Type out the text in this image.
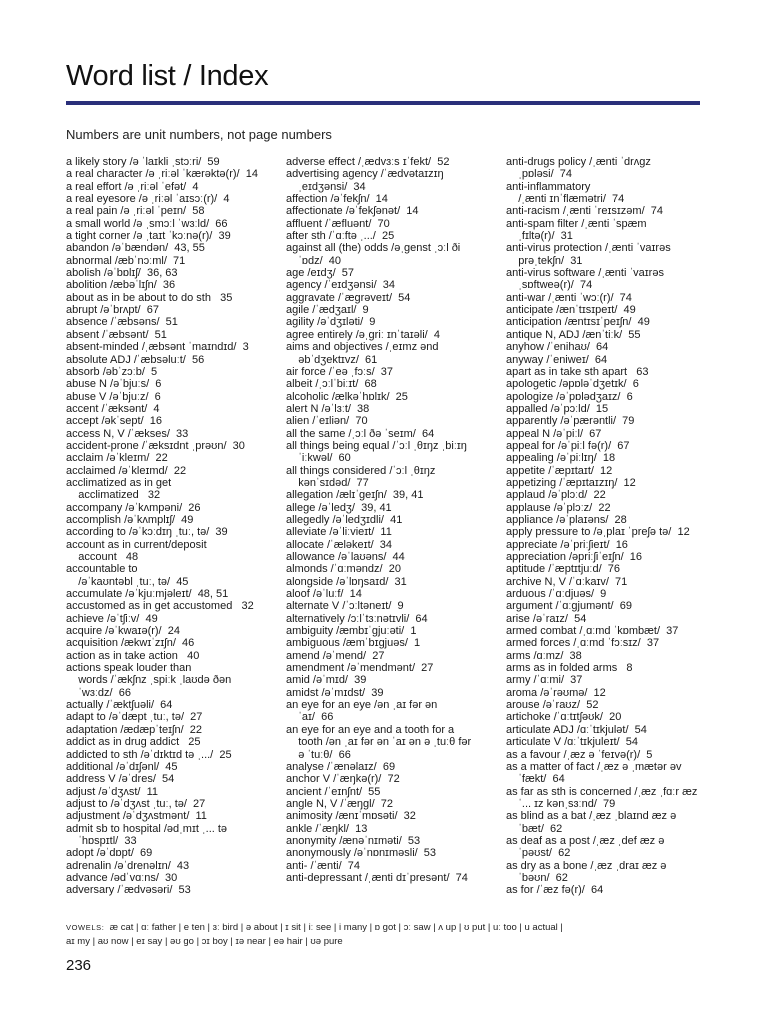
Word list / Index
Numbers are unit numbers, not page numbers
a likely story /ə ˈlaɪkli ˌstɔːri/  59
a real character /ə ˌriːəl ˈkærəktə(r)/  14
a real effort /ə ˌriːəl ˈefət/  4
a real eyesore /ə ˌriːəl ˈaɪsɔː(r)/  4
a real pain /ə ˌriːəl ˈpeɪn/  58
a small world /ə ˌsmɔːl ˈwɜːld/  66
a tight corner /ə ˌtaɪt ˈkɔːnə(r)/  39
abandon /əˈbændən/  43, 55
abnormal /æbˈnɔːml/  71
abolish /əˈbɒlɪʃ/  36, 63
abolition /æbəˈlɪʃn/  36
about as in be about to do sth   35
abrupt /əˈbrʌpt/  67
absence /ˈæbsəns/  51
absent /ˈæbsənt/  51
absent-minded /ˌæbsənt ˈmaɪndɪd/  3
absolute ADJ /ˈæbsəluːt/  56
absorb /əbˈzɔːb/  5
abuse N /əˈbjuːs/  6
abuse V /əˈbjuːz/  6
accent /ˈæksənt/  4
accept /əkˈsept/  16
access N, V /ˈækses/  33
accident-prone /ˈæksɪdnt ˌprəʊn/  30
acclaim /əˈkleɪm/  22
acclaimed /əˈkleɪmd/  22
acclimatized as in get
acclimatized   32
accompany /əˈkʌmpəni/  26
accomplish /əˈkʌmplɪʃ/  49
according to /əˈkɔːdɪŋ ˌtuː, tə/  39
account as in current/deposit
account   48
accountable to
/əˈkaʊntəbl ˌtuː, tə/  45
accumulate /əˈkjuːmjəleɪt/  48, 51
accustomed as in get accustomed   32
achieve /əˈtʃiːv/  49
acquire /əˈkwaɪə(r)/  24
acquisition /ækwɪˈzɪʃn/  46
action as in take action   40
actions speak louder than
words /ˈækʃnz ˌspiːk ˌlaʊdə ðən
ˈwɜːdz/  66
actually /ˈæktʃuəli/  64
adapt to /əˈdæpt ˌtuː, tə/  27
adaptation /ædæpˈteɪʃn/  22
addict as in drug addict   25
addicted to sth /əˈdɪktɪd tə ˌ.../  25
additional /əˈdɪʃənl/  45
address V /əˈdres/  54
adjust /əˈdʒʌst/  11
adjust to /əˈdʒʌst ˌtuː, tə/  27
adjustment /əˈdʒʌstmənt/  11
admit sb to hospital /ədˌmɪt ˌ... tə
ˈhɒspɪtl/  33
adopt /əˈdɒpt/  69
adrenalin /əˈdrenəlɪn/  43
advance /ədˈvɑːns/  30
adversary /ˈædvəsəri/  53
adverse effect /ˌædvɜːs ɪˈfekt/  52
advertising agency /ˈædvətaɪzɪŋ
ˌeɪdʒənsi/  34
affection /əˈfekʃn/  14
affectionate /əˈfekʃənət/  14
affluent /ˈæfluənt/  70
after sth /ˈɑːftə ˌ.../  25
against all (the) odds /əˌgenst ˌɔːl ði
ˈɒdz/  40
age /eɪdʒ/  57
agency /ˈeɪdʒənsi/  34
aggravate /ˈægrəveɪt/  54
agile /ˈædʒaɪl/  9
agility /əˈdʒɪləti/  9
agree entirely /əˌgriː ɪnˈtaɪəli/  4
aims and objectives /ˌeɪmz ənd
əbˈdʒektɪvz/  61
air force /ˈeə ˌfɔːs/  37
albeit /ˌɔːlˈbiːɪt/  68
alcoholic /ælkəˈhɒlɪk/  25
alert N /əˈlɜːt/  38
alien /ˈeɪliən/  70
all the same /ˌɔːl ðə ˈseɪm/  64
all things being equal /ˈɔːl ˌθɪŋz ˌbiːɪŋ
ˈiːkwəl/  60
all things considered /ˈɔːl ˌθɪŋz
kənˈsɪdəd/  77
allegation /ælɪˈgeɪʃn/  39, 41
allege /əˈledʒ/  39, 41
allegedly /əˈledʒɪdli/  41
alleviate /əˈliːvieɪt/  11
allocate /ˈæləkeɪt/  34
allowance /əˈlaʊəns/  44
almonds /ˈɑːməndz/  20
alongside /əˈlɒŋsaɪd/  31
aloof /əˈluːf/  14
alternate V /ˈɔːltəneɪt/  9
alternatively /ɔːlˈtɜːnətɪvli/  64
ambiguity /æmbɪˈgjuːəti/  1
ambiguous /æmˈbɪgjuəs/  1
amend /əˈmend/  27
amendment /əˈmendmənt/  27
amid /əˈmɪd/  39
amidst /əˈmɪdst/  39
an eye for an eye /ən ˌaɪ fər ən
ˈaɪ/  66
an eye for an eye and a tooth for a
tooth /ən ˌaɪ fər ən ˈaɪ ən ə ˌtuːθ fər
ə ˈtuːθ/  66
analyse /ˈænəlaɪz/  69
anchor V /ˈæŋkə(r)/  72
ancient /ˈeɪnʃnt/  55
angle N, V /ˈæŋgl/  72
animosity /ænɪˈmɒsəti/  32
ankle /ˈæŋkl/  13
anonymity /ænəˈnɪməti/  53
anonymously /əˈnɒnɪməsli/  53
anti- /ˈænti/  74
anti-depressant /ˌænti dɪˈpresənt/  74
anti-drugs policy /ˌænti ˈdrʌgz
ˌpɒləsi/  74
anti-inflammatory
/ˌænti ɪnˈflæmətri/  74
anti-racism /ˌænti ˈreɪsɪzəm/  74
anti-spam filter /ˌænti ˈspæm
ˌfɪltə(r)/  31
anti-virus protection /ˌænti ˈvaɪrəs
prəˌtekʃn/  31
anti-virus software /ˌænti ˈvaɪrəs
ˌsɒftweə(r)/  74
anti-war /ˌænti ˈwɔː(r)/  74
anticipate /ænˈtɪsɪpeɪt/  49
anticipation /æntɪsɪˈpeɪʃn/  49
antique N, ADJ /ænˈtiːk/  55
anyhow /ˈenihaʊ/  64
anyway /ˈeniweɪ/  64
apart as in take sth apart   63
apologetic /əpɒləˈdʒetɪk/  6
apologize /əˈpɒlədʒaɪz/  6
appalled /əˈpɔːld/  15
apparently /əˈpærəntli/  79
appeal N /əˈpiːl/  67
appeal for /əˈpiːl fə(r)/  67
appealing /əˈpiːlɪŋ/  18
appetite /ˈæpɪtaɪt/  12
appetizing /ˈæpɪtaɪzɪŋ/  12
applaud /əˈplɔːd/  22
applause /əˈplɔːz/  22
appliance /əˈplaɪəns/  28
apply pressure to /əˌplaɪ ˈpreʃə tə/  12
appreciate /əˈpriːʃieɪt/  16
appreciation /əpriːʃiˈeɪʃn/  16
aptitude /ˈæptɪtjuːd/  76
archive N, V /ˈɑːkaɪv/  71
arduous /ˈɑːdjuəs/  9
argument /ˈɑːgjumənt/  69
arise /əˈraɪz/  54
armed combat /ˌɑːmd ˈkɒmbæt/  37
armed forces /ˌɑːmd ˈfɔːsɪz/  37
arms /ɑːmz/  38
arms as in folded arms   8
army /ˈɑːmi/  37
aroma /əˈrəʊmə/  12
arouse /əˈraʊz/  52
artichoke /ˈɑːtɪtʃəʊk/  20
articulate ADJ /ɑːˈtɪkjulət/  54
articulate V /ɑːˈtɪkjuleɪt/  54
as a favour /ˌæz ə ˈfeɪvə(r)/  5
as a matter of fact /ˌæz ə ˌmætər əv
ˈfækt/  64
as far as sth is concerned /ˌæz ˌfɑːr æz
ˈ... ɪz kənˌsɜːnd/  79
as blind as a bat /ˌæz ˌblaɪnd æz ə
ˈbæt/  62
as deaf as a post /ˌæz ˌdef æz ə
ˈpəʊst/  62
as dry as a bone /ˌæz ˌdraɪ æz ə
ˈbəʊn/  62
as for /ˈæz fə(r)/  64
VOWELS: æ cat | ɑː father | e ten | ɜː bird | ə about | ɪ sit | iː see | i many | ɒ got | ɔː saw | ʌ up | ʊ put | uː too | u actual |
aɪ my | aʊ now | eɪ say | əʊ go | ɔɪ boy | ɪə near | eə hair | ʊə pure
236
